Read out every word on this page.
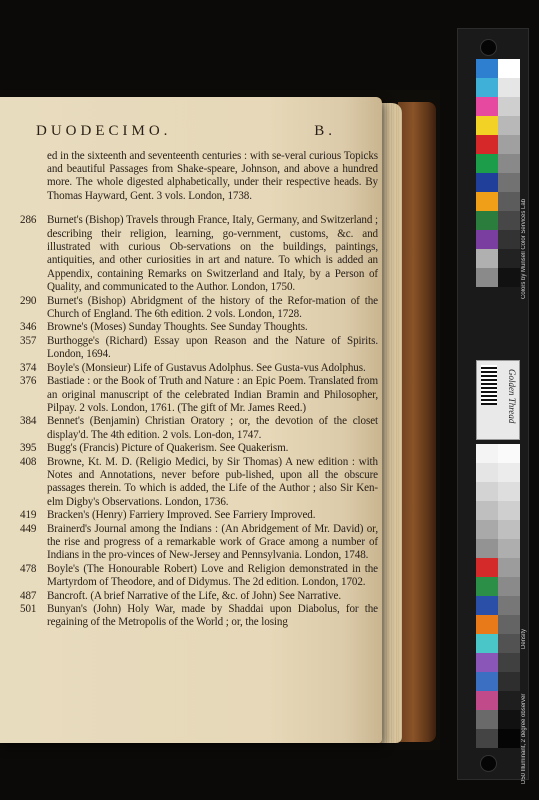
DUODECIMO.	B.

ed in the sixteenth and seventeenth centuries : with se-veral curious Topicks and beautiful Passages from Shake-speare, Johnson, and above a hundred more. The whole digested alphabetically, under their respective heads. By Thomas Hayward, Gent. 3 vols. London, 1738.

286 Burnet's (Bishop) Travels through France, Italy, Germany, and Switzerland ; describing their religion, learning, go-vernment, customs, &c. and illustrated with curious Ob-servations on the buildings, paintings, antiquities, and other curiosities in art and nature. To which is added an Appendix, containing Remarks on Switzerland and Italy, by a Person of Quality, and communicated to the Author. London, 1750.

290 Burnet's (Bishop) Abridgment of the history of the Refor-mation of the Church of England. The 6th edition. 2 vols. London, 1728.

346 Browne's (Moses) Sunday Thoughts. See Sunday Thoughts.

357 Burthogge's (Richard) Essay upon Reason and the Nature of Spirits. London, 1694.

374 Boyle's (Monsieur) Life of Gustavus Adolphus. See Gusta-vus Adolphus.

376 Bastiade : or the Book of Truth and Nature : an Epic Poem. Translated from an original manuscript of the celebrated Indian Bramin and Philosopher, Pilpay. 2 vols. London, 1761. (The gift of Mr. James Reed.)

384 Bennet's (Benjamin) Christian Oratory ; or, the devotion of the closet display'd. The 4th edition. 2 vols. Lon-don, 1747.

395 Bugg's (Francis) Picture of Quakerism. See Quakerism.

408 Browne, Kt. M. D. (Religio Medici, by Sir Thomas) A new edition : with Notes and Annotations, never before pub-lished, upon all the obscure passages therein. To which is added, the Life of the Author ; also Sir Ken-elm Digby's Observations. London, 1736.

419 Bracken's (Henry) Farriery Improved. See Farriery Improved.

449 Brainerd's Journal among the Indians : (An Abridgement of Mr. David) or, the rise and progress of a remarkable work of Grace among a number of Indians in the pro-vinces of New-Jersey and Pennsylvania. London, 1748.

478 Boyle's (The Honourable Robert) Love and Religion demonstrated in the Martyrdom of Theodore, and of Didymus. The 2d edition. London, 1702.

487 Bancroft. (A brief Narrative of the Life, &c. of John) See Narrative.

501 Bunyan's (John) Holy War, made by Shaddai upon Diabolus, for the regaining of the Metropolis of the World ; or, the losing

Colors by Munsell Color Services Lab
Density
D50 Illuminant, 2 degree observer
Golden Thread
